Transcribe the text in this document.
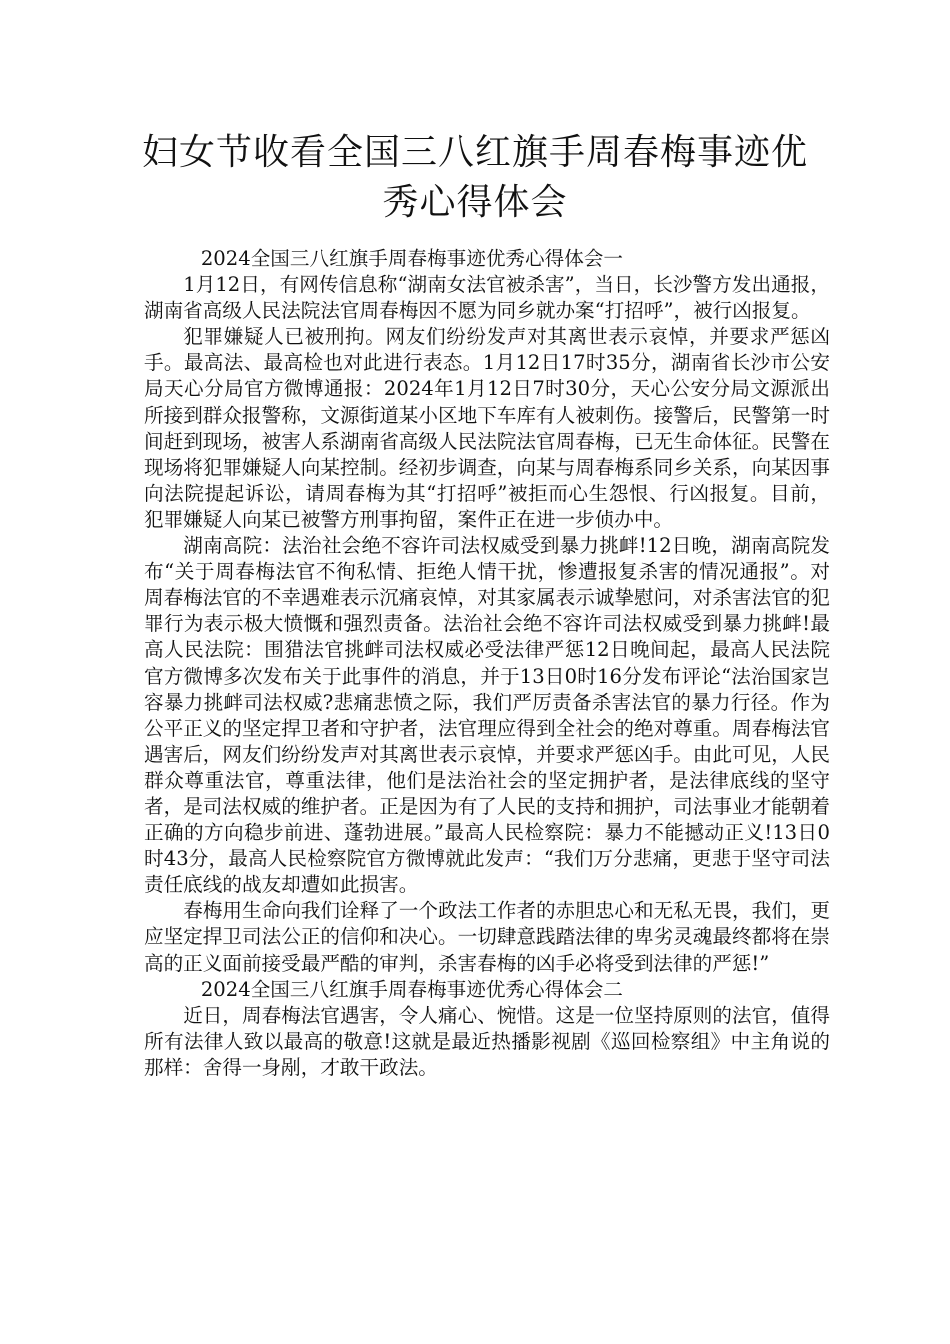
妇女节收看全国三八红旗手周春梅事迹优
秀心得体会

2024全国三八红旗手周春梅事迹优秀心得体会一

1月12日，有网传信息称“湖南女法官被杀害”，当日，长沙警方发出通报，湖南省高级人民法院法官周春梅因不愿为同乡就办案“打招呼”，被行凶报复。

犯罪嫌疑人已被刑拘。网友们纷纷发声对其离世表示哀悼，并要求严惩凶手。最高法、最高检也对此进行表态。1月12日17时35分，湖南省长沙市公安局天心分局官方微博通报：2024年1月12日7时30分，天心公安分局文源派出所接到群众报警称，文源街道某小区地下车库有人被刺伤。接警后，民警第一时间赶到现场，被害人系湖南省高级人民法院法官周春梅，已无生命体征。民警在现场将犯罪嫌疑人向某控制。经初步调查，向某与周春梅系同乡关系，向某因事向法院提起诉讼，请周春梅为其“打招呼”被拒而心生怨恨、行凶报复。目前，犯罪嫌疑人向某已被警方刑事拘留，案件正在进一步侦办中。

湖南高院：法治社会绝不容许司法权威受到暴力挑衅!12日晚，湖南高院发布“关于周春梅法官不徇私情、拒绝人情干扰，惨遭报复杀害的情况通报”。对周春梅法官的不幸遇难表示沉痛哀悼，对其家属表示诚挚慰问，对杀害法官的犯罪行为表示极大愤慨和强烈责备。法治社会绝不容许司法权威受到暴力挑衅!最高人民法院：围猎法官挑衅司法权威必受法律严惩12日晚间起，最高人民法院官方微博多次发布关于此事件的消息，并于13日0时16分发布评论“法治国家岂容暴力挑衅司法权威?悲痛悲愤之际，我们严厉责备杀害法官的暴力行径。作为公平正义的坚定捍卫者和守护者，法官理应得到全社会的绝对尊重。周春梅法官遇害后，网友们纷纷发声对其离世表示哀悼，并要求严惩凶手。由此可见，人民群众尊重法官，尊重法律，他们是法治社会的坚定拥护者，是法律底线的坚守者，是司法权威的维护者。正是因为有了人民的支持和拥护，司法事业才能朝着正确的方向稳步前进、蓬勃进展。”最高人民检察院：暴力不能撼动正义!13日0时43分，最高人民检察院官方微博就此发声：“我们万分悲痛，更悲于坚守司法责任底线的战友却遭如此损害。

春梅用生命向我们诠释了一个政法工作者的赤胆忠心和无私无畏，我们，更应坚定捍卫司法公正的信仰和决心。一切肆意践踏法律的卑劣灵魂最终都将在崇高的正义面前接受最严酷的审判，杀害春梅的凶手必将受到法律的严惩!”

2024全国三八红旗手周春梅事迹优秀心得体会二

近日，周春梅法官遇害，令人痛心、惋惜。这是一位坚持原则的法官，值得所有法律人致以最高的敬意!这就是最近热播影视剧《巡回检察组》中主角说的那样：舍得一身剐，才敢干政法。
